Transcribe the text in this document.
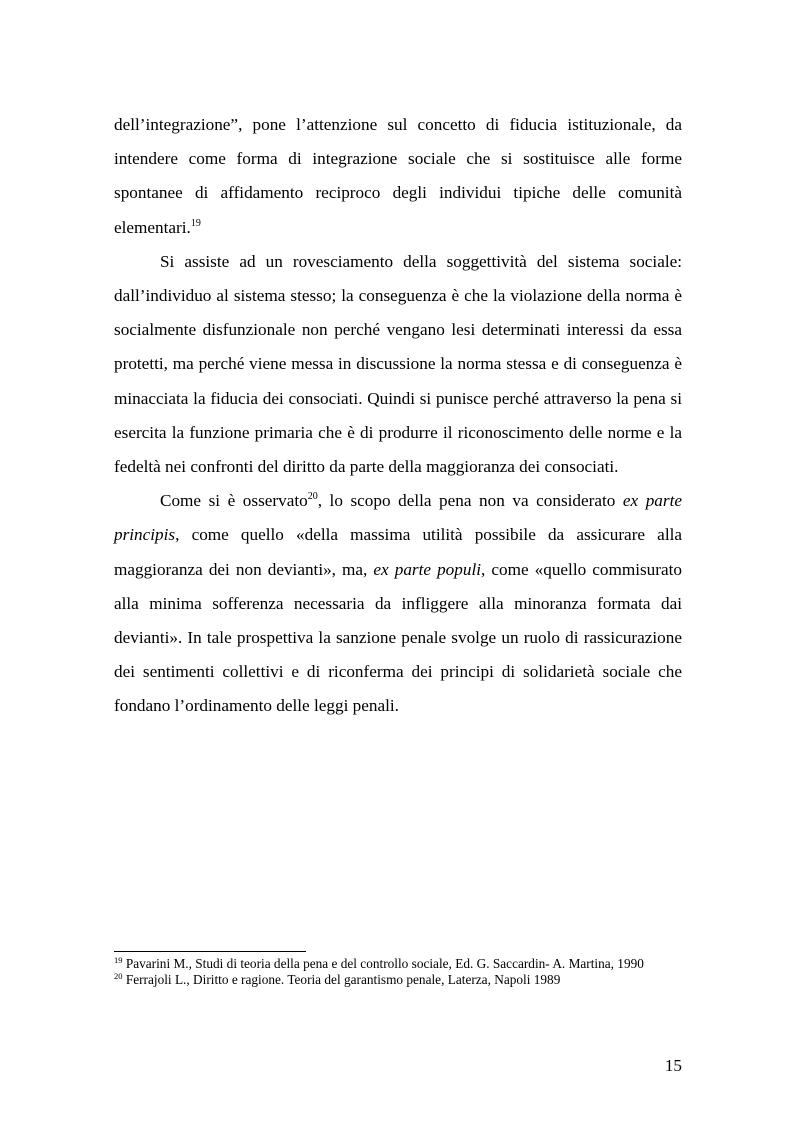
dell’integrazione”, pone l’attenzione sul concetto di fiducia istituzionale, da intendere come forma di integrazione sociale che si sostituisce alle forme spontanee di affidamento reciproco degli individui tipiche delle comunità elementari.$^{19}$

Si assiste ad un rovesciamento della soggettività del sistema sociale: dall’individuo al sistema stesso; la conseguenza è che la violazione della norma è socialmente disfunzionale non perché vengano lesi determinati interessi da essa protetti, ma perché viene messa in discussione la norma stessa e di conseguenza è minacciata la fiducia dei consociati. Quindi si punisce perché attraverso la pena si esercita la funzione primaria che è di produrre il riconoscimento delle norme e la fedeltà nei confronti del diritto da parte della maggioranza dei consociati.

Come si è osservato$^{20}$, lo scopo della pena non va considerato ex parte principis, come quello «della massima utilità possibile da assicurare alla maggioranza dei non devianti», ma, ex parte populi, come «quello commisurato alla minima sofferenza necessaria da infliggere alla minoranza formata dai devianti». In tale prospettiva la sanzione penale svolge un ruolo di rassicurazione dei sentimenti collettivi e di riconferma dei principi di solidarietà sociale che fondano l’ordinamento delle leggi penali.

$^{19}$ Pavarini M., Studi di teoria della pena e del controllo sociale, Ed. G. Saccardin- A. Martina, 1990

$^{20}$ Ferrajoli L., Diritto e ragione. Teoria del garantismo penale, Laterza, Napoli 1989

15
